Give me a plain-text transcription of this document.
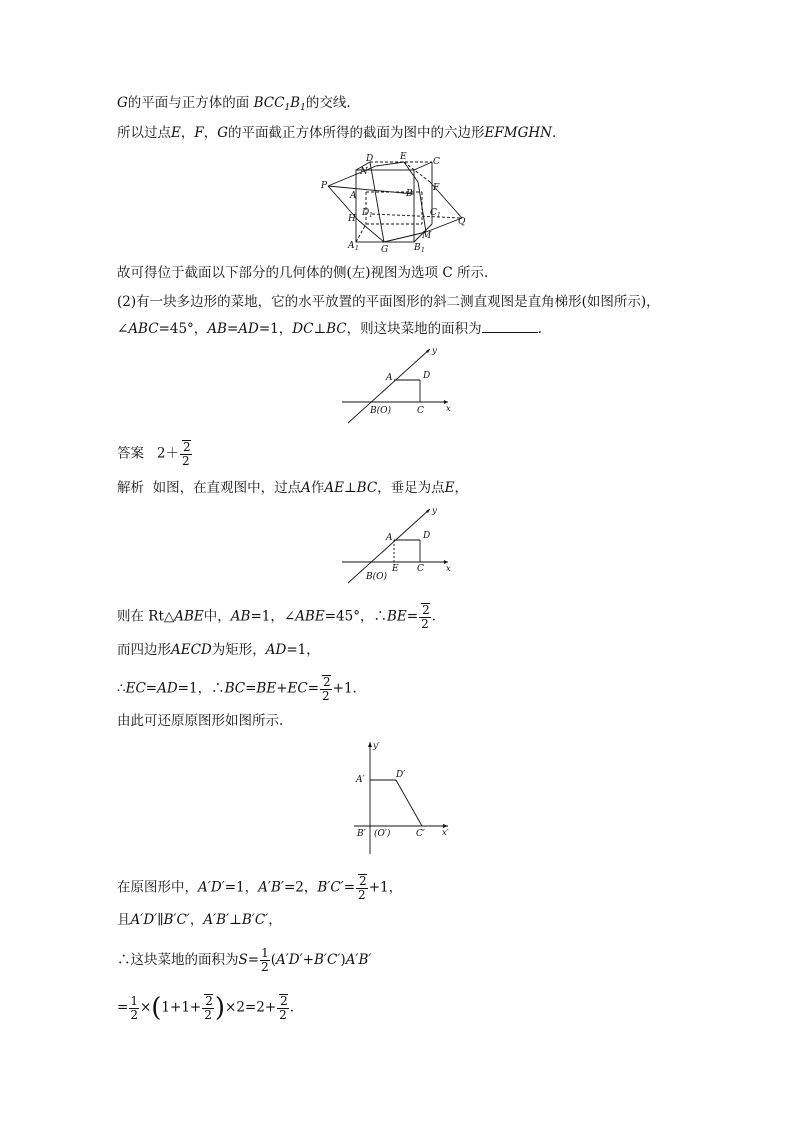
G的平面与正方体的面 $BCC_1B_1$的交线.
所以过点E，F，G的平面截正方体所得的截面为图中的六边形EFMGHN.
D	E	C
N
P
A	B
F
H
D 1	C 1
Q
M
A 1 G	B 1
故可得位于截面以下部分的几何体的侧(左)视图为选项 C 所示.
(2)有一块多边形的菜地，它的水平放置的平面图形的斜二测直观图是直角梯形(如图所示)，
∠ABC=45°，AB=AD=1，DC⊥BC，则这块菜地的面积为	.
y
A	D
B(O)	C	x
答案 $2+ \frac{2}{2}$
解析 如图，在直观图中，过点A作AE⊥BC，垂足为点E，
y
A	D
E
B(O)
C	x
则在 Rt△ABE中，AB=1，∠ABE=45°，∴BE= $\frac{2}{2}$ .
而四边形AECD为矩形，AD=1，
∴EC=AD=1，∴BC=BE+EC= $\frac{2}{2} +1$.
由此可还原原图形如图所示.
y′
A′	D′
B′ (O′)	C′ x′
在原图形中，A′D′=1，A′B′=2，$B'C'= \frac{2}{2} +1$，
且A′D′∥B′C′，A′B′⊥B′C′，
∴这块菜地的面积为$S= \frac{1}{2} (A'D'+B'C')A'B'$
= $\frac{1}{2} \times(1+1+ \frac{2}{2} )\times 2=2+ \frac{2}{2}$ .
